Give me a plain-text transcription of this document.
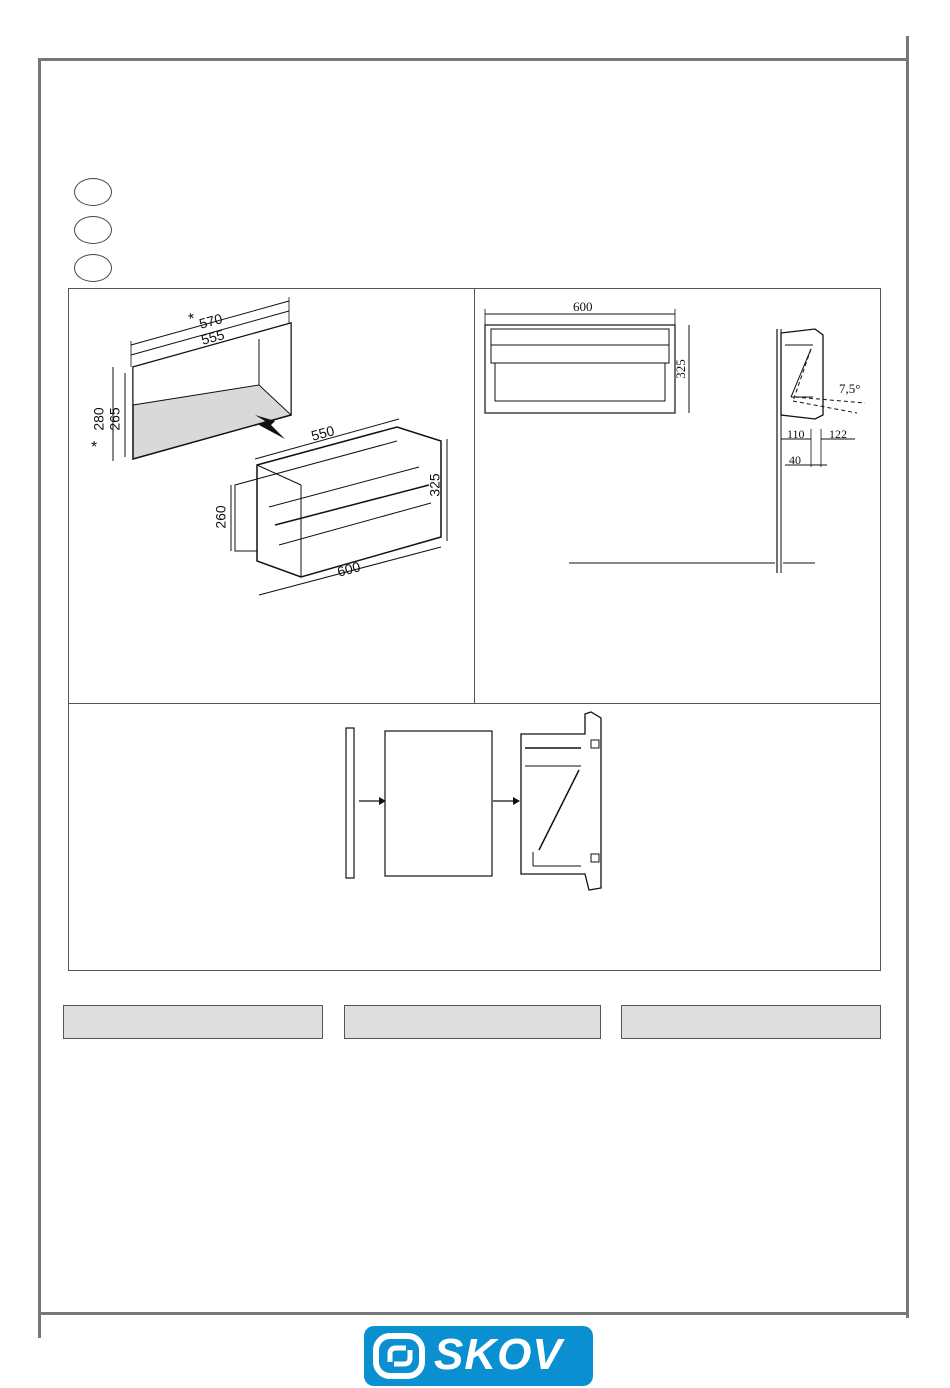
* 570
555
*
280 265
550
325
260
600
600
325
7,5°
110 122
40
SKOV
